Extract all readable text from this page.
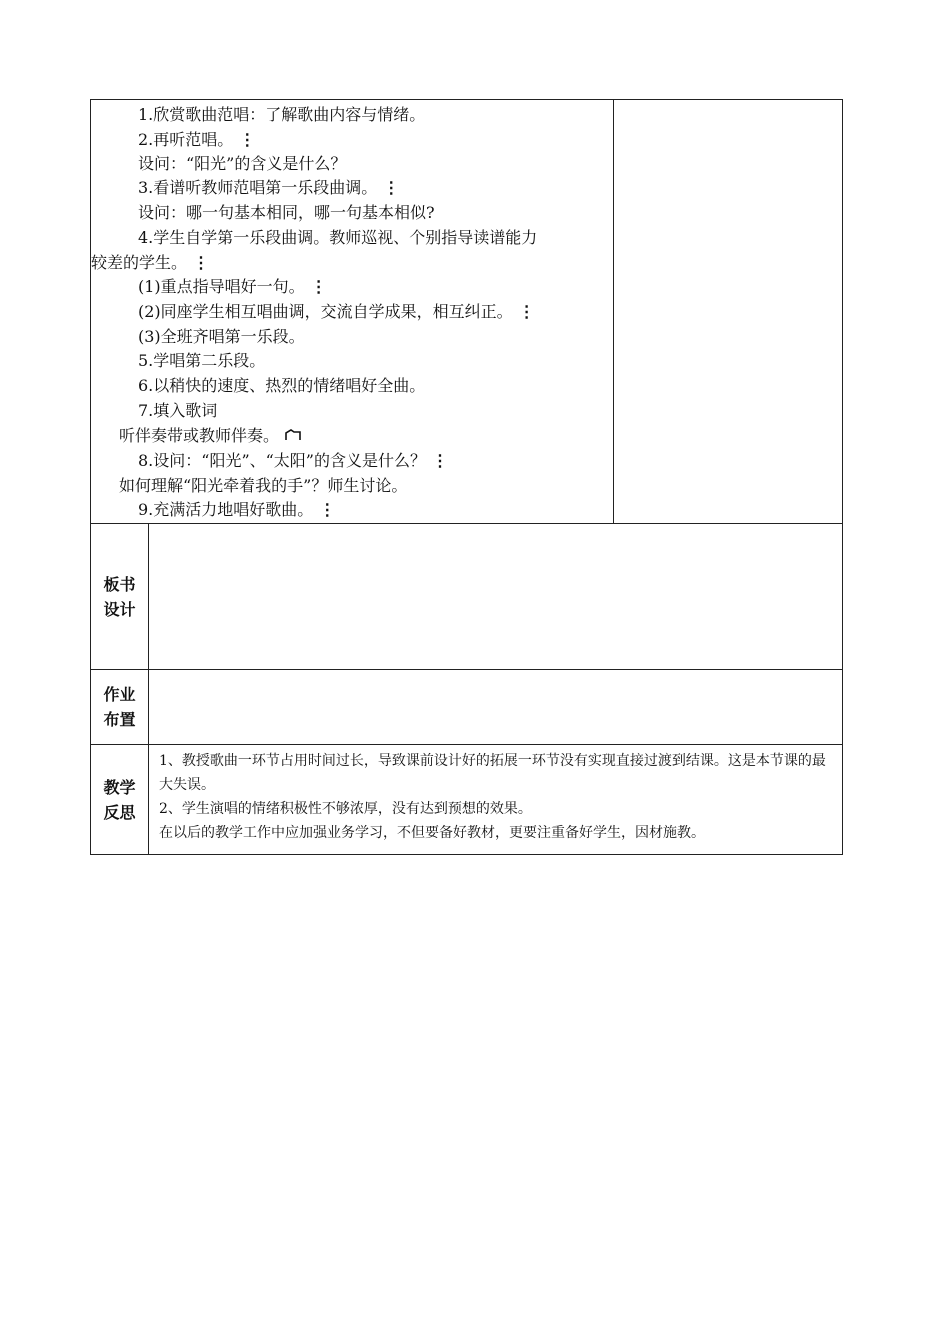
1.欣赏歌曲范唱：了解歌曲内容与情绪。
2.再听范唱。 ⋮
设问：“阳光”的含义是什么？
3.看谱听教师范唱第一乐段曲调。 ⋮
设问：哪一句基本相同，哪一句基本相似?
4.学生自学第一乐段曲调。教师巡视、个别指导读谱能力
较差的学生。 ⋮
(1)重点指导唱好一句。 ⋮
(2)同座学生相互唱曲调，交流自学成果，相互纠正。 ⋮
(3)全班齐唱第一乐段。
5.学唱第二乐段。
6.以稍快的速度、热烈的情绪唱好全曲。
7.填入歌词
听伴奏带或教师伴奏。
8.设问：“阳光”、“太阳”的含义是什么？ ⋮
如何理解“阳光牵着我的手”？师生讨论。
9.充满活力地唱好歌曲。 ⋮
板书
设计
作业
布置
教学
反思

1、教授歌曲一环节占用时间过长，导致课前设计好的拓展一环节没有实现直接过渡到结课。这是本节课的最大失误。

2、学生演唱的情绪积极性不够浓厚，没有达到预想的效果。

在以后的教学工作中应加强业务学习，不但要备好教材，更要注重备好学生，因材施教。
